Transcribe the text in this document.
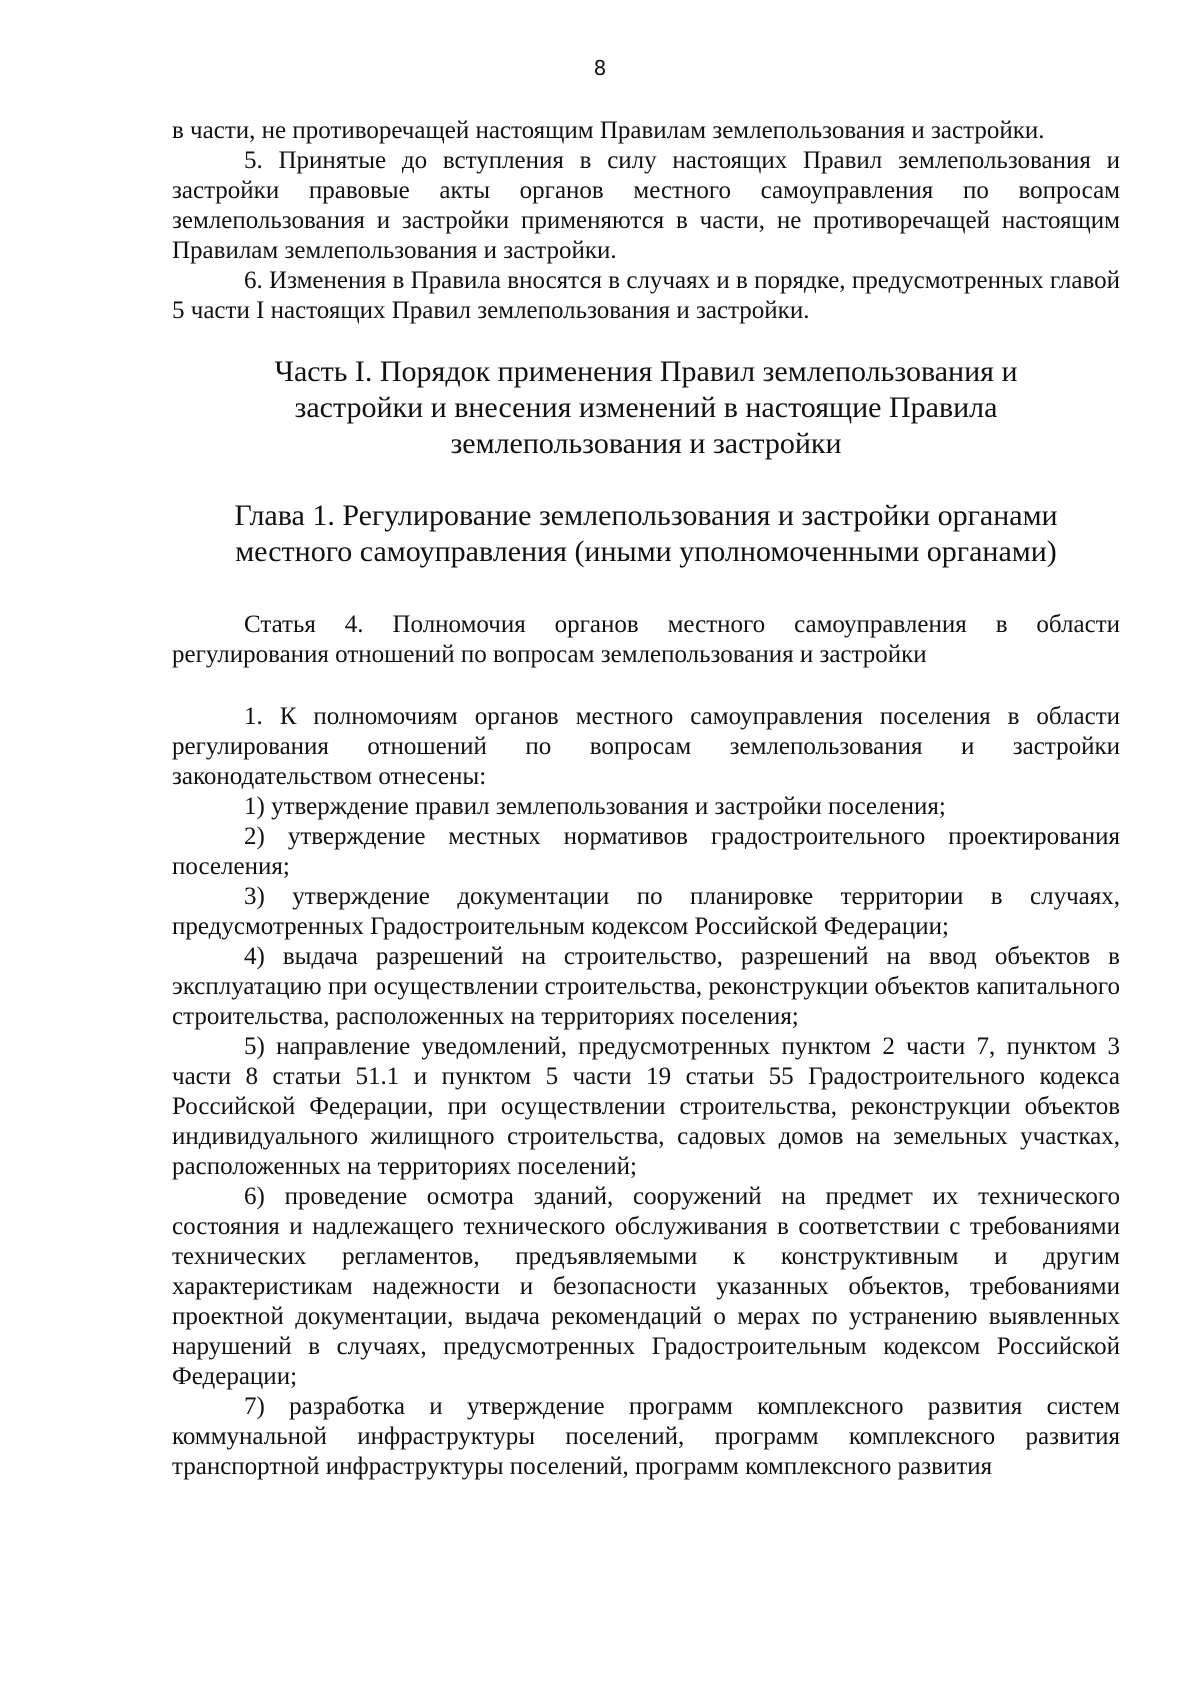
8

в части, не противоречащей настоящим Правилам землепользования и застройки.

5. Принятые до вступления в силу настоящих Правил землепользования и застройки правовые акты органов местного самоуправления по вопросам землепользования и застройки применяются в части, не противоречащей настоящим Правилам землепользования и застройки.

6. Изменения в Правила вносятся в случаях и в порядке, предусмотренных главой 5 части I настоящих Правил землепользования и застройки.

Часть I. Порядок применения Правил землепользования и застройки и внесения изменений в настоящие Правила землепользования и застройки

Глава 1. Регулирование землепользования и застройки органами местного самоуправления (иными уполномоченными органами)

Статья 4. Полномочия органов местного самоуправления в области регулирования отношений по вопросам землепользования и застройки

1. К полномочиям органов местного самоуправления поселения в области регулирования отношений по вопросам землепользования и застройки законодательством отнесены:

1) утверждение правил землепользования и застройки поселения;

2) утверждение местных нормативов градостроительного проектирования поселения;

3) утверждение документации по планировке территории в случаях, предусмотренных Градостроительным кодексом Российской Федерации;

4) выдача разрешений на строительство, разрешений на ввод объектов в эксплуатацию при осуществлении строительства, реконструкции объектов капитального строительства, расположенных на территориях поселения;

5) направление уведомлений, предусмотренных пунктом 2 части 7, пунктом 3 части 8 статьи 51.1 и пунктом 5 части 19 статьи 55 Градостроительного кодекса Российской Федерации, при осуществлении строительства, реконструкции объектов индивидуального жилищного строительства, садовых домов на земельных участках, расположенных на территориях поселений;

6) проведение осмотра зданий, сооружений на предмет их технического состояния и надлежащего технического обслуживания в соответствии с требованиями технических регламентов, предъявляемыми к конструктивным и другим характеристикам надежности и безопасности указанных объектов, требованиями проектной документации, выдача рекомендаций о мерах по устранению выявленных нарушений в случаях, предусмотренных Градостроительным кодексом Российской Федерации;

7) разработка и утверждение программ комплексного развития систем коммунальной инфраструктуры поселений, программ комплексного развития транспортной инфраструктуры поселений, программ комплексного развития
